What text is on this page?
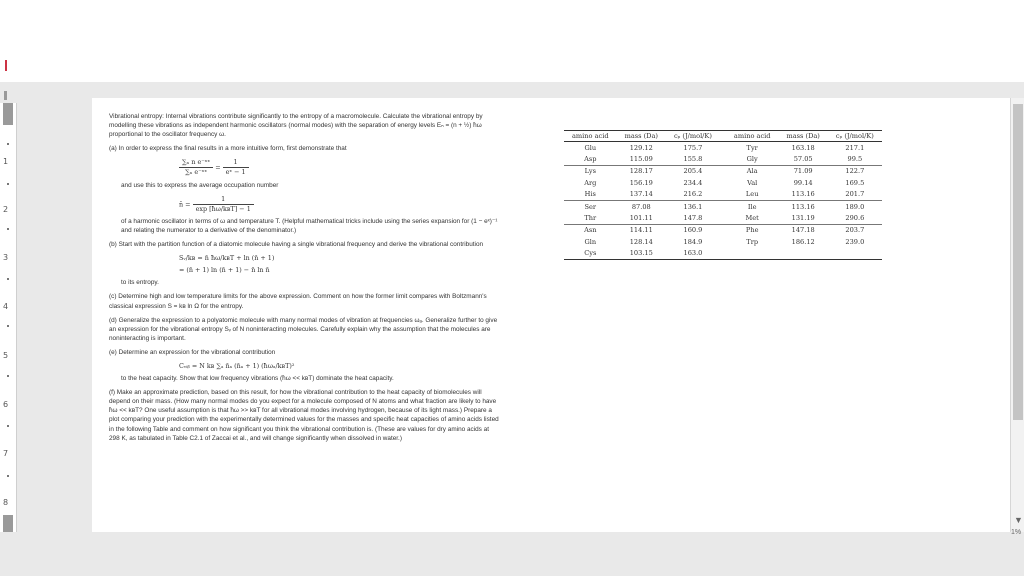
1
2
3
4
5
6
7
8

Vibrational entropy: Internal vibrations contribute significantly to the entropy of a macromolecule. Calculate the vibrational entropy by modelling these vibrations as independent harmonic oscillators (normal modes) with the separation of energy levels Eₙ = (n + ½) ħω proportional to the oscillator frequency ω.

(a) In order to express the final results in a more intuitive form, first demonstrate that

$\frac{\text{∑ₙ n e⁻ⁿˣ}}{\text{∑ₙ e⁻ⁿˣ}} = \frac{1}{\text{eˣ − 1}}$

and use this to express the average occupation number

n̄ = $\frac{1}{\text{exp [ħω/kʙT] − 1}}$

of a harmonic oscillator in terms of ω and temperature T. (Helpful mathematical tricks include using the series expansion for (1 − eˣ)⁻¹ and relating the numerator to a derivative of the denominator.)

(b) Start with the partition function of a diatomic molecule having a single vibrational frequency and derive the vibrational contribution

Sᵥ/kʙ = n̄ ħω/kʙT + ln (n̄ + 1)
= (n̄ + 1) ln (n̄ + 1) − n̄ ln n̄

to its entropy.

(c) Determine high and low temperature limits for the above expression. Comment on how the former limit compares with Boltzmann's classical expression S = kʙ ln Ω for the entropy.

(d) Generalize the expression to a polyatomic molecule with many normal modes of vibration at frequencies ωₐ. Generalize further to give an expression for the vibrational entropy Sᵥ of N noninteracting molecules. Carefully explain why the assumption that the molecules are noninteracting is important.

(e) Determine an expression for the vibrational contribution

Cᵥᵢᵦ = N kʙ ∑ₐ n̄ₐ (n̄ₐ + 1) (ħωₐ/kʙT)²

to the heat capacity. Show that low frequency vibrations (ħω << kʙT) dominate the heat capacity.

(f) Make an approximate prediction, based on this result, for how the vibrational contribution to the heat capacity of biomolecules will depend on their mass. (How many normal modes do you expect for a molecule composed of N atoms and what fraction are likely to have ħω << kʙT? One useful assumption is that ħω >> kʙT for all vibrational modes involving hydrogen, because of its light mass.) Prepare a plot comparing your prediction with the experimentally determined values for the masses and specific heat capacities of amino acids listed in the following Table and comment on how significant you think the vibrational contribution is. (These are values for dry amino acids at 298 K, as tabulated in Table C2.1 of Zaccai et al., and will change significantly when dissolved in water.)

amino acid	mass (Da)	cₚ (J/mol/K)	amino acid	mass (Da)	cₚ (J/mol/K)
Glu	129.12	175.7	Tyr	163.18	217.1
Asp	115.09	155.8	Gly	57.05	99.5
Lys	128.17	205.4	Ala	71.09	122.7
Arg	156.19	234.4	Val	99.14	169.5
His	137.14	216.2	Leu	113.16	201.7
Ser	87.08	136.1	Ile	113.16	189.0
Thr	101.11	147.8	Met	131.19	290.6
Asn	114.11	160.9	Phe	147.18	203.7
Gln	128.14	184.9	Trp	186.12	239.0
Cys	103.15	163.0			
▼
1%
